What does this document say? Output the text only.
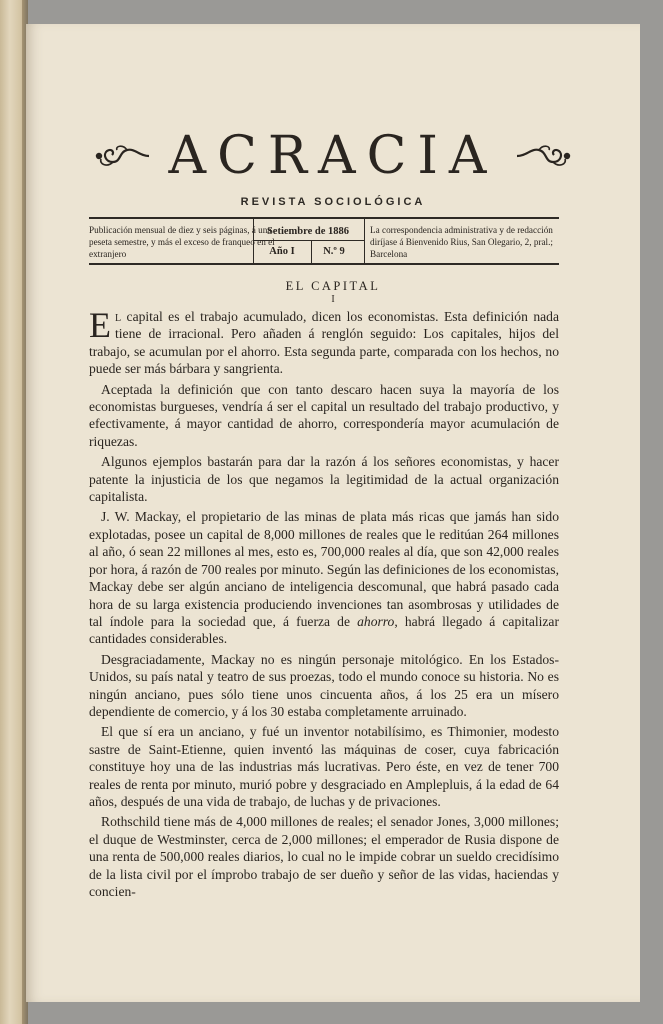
ACRACIA
REVISTA SOCIOLÓGICA
Publicación mensual de diez y seis páginas, á una peseta semestre, y más el exceso de franqueo en el extranjero
Setiembre de 1886
Año I	N.º 9
La correspondencia administrativa y de redacción diríjase á Bienvenido Rius, San Olegario, 2, pral.; Barcelona
EL CAPITAL
I

El capital es el trabajo acumulado, dicen los economistas. Esta definición nada tiene de irracional. Pero añaden á renglón seguido: Los capitales, hijos del trabajo, se acumulan por el ahorro. Esta segunda parte, comparada con los hechos, no puede ser más bárbara y sangrienta.

Aceptada la definición que con tanto descaro hacen suya la mayoría de los economistas burgueses, vendría á ser el capital un resultado del trabajo productivo, y efectivamente, á mayor cantidad de ahorro, correspondería mayor acumulación de riquezas.

Algunos ejemplos bastarán para dar la razón á los señores economistas, y hacer patente la injusticia de los que negamos la legitimidad de la actual organización capitalista.

J. W. Mackay, el propietario de las minas de plata más ricas que jamás han sido explotadas, posee un capital de 8,000 millones de reales que le reditúan 264 millones al año, ó sean 22 millones al mes, esto es, 700,000 reales al día, que son 42,000 reales por hora, á razón de 700 reales por minuto. Según las definiciones de los economistas, Mackay debe ser algún anciano de inteligencia descomunal, que habrá pasado cada hora de su larga existencia produciendo invenciones tan asombrosas y utilidades de tal índole para la sociedad que, á fuerza de ahorro, habrá llegado á capitalizar cantidades considerables.

Desgraciadamente, Mackay no es ningún personaje mitológico. En los Estados-Unidos, su país natal y teatro de sus proezas, todo el mundo conoce su historia. No es ningún anciano, pues sólo tiene unos cincuenta años, á los 25 era un mísero dependiente de comercio, y á los 30 estaba completamente arruinado.

El que sí era un anciano, y fué un inventor notabilísimo, es Thimonier, modesto sastre de Saint-Etienne, quien inventó las máquinas de coser, cuya fabricación constituye hoy una de las industrias más lucrativas. Pero éste, en vez de tener 700 reales de renta por minuto, murió pobre y desgraciado en Amplepluis, á la edad de 64 años, después de una vida de trabajo, de luchas y de privaciones.

Rothschild tiene más de 4,000 millones de reales; el senador Jones, 3,000 millones; el duque de Westminster, cerca de 2,000 millones; el emperador de Rusia dispone de una renta de 500,000 reales diarios, lo cual no le impide cobrar un sueldo crecidísimo de la lista civil por el ímprobo trabajo de ser dueño y señor de las vidas, haciendas y concien-
